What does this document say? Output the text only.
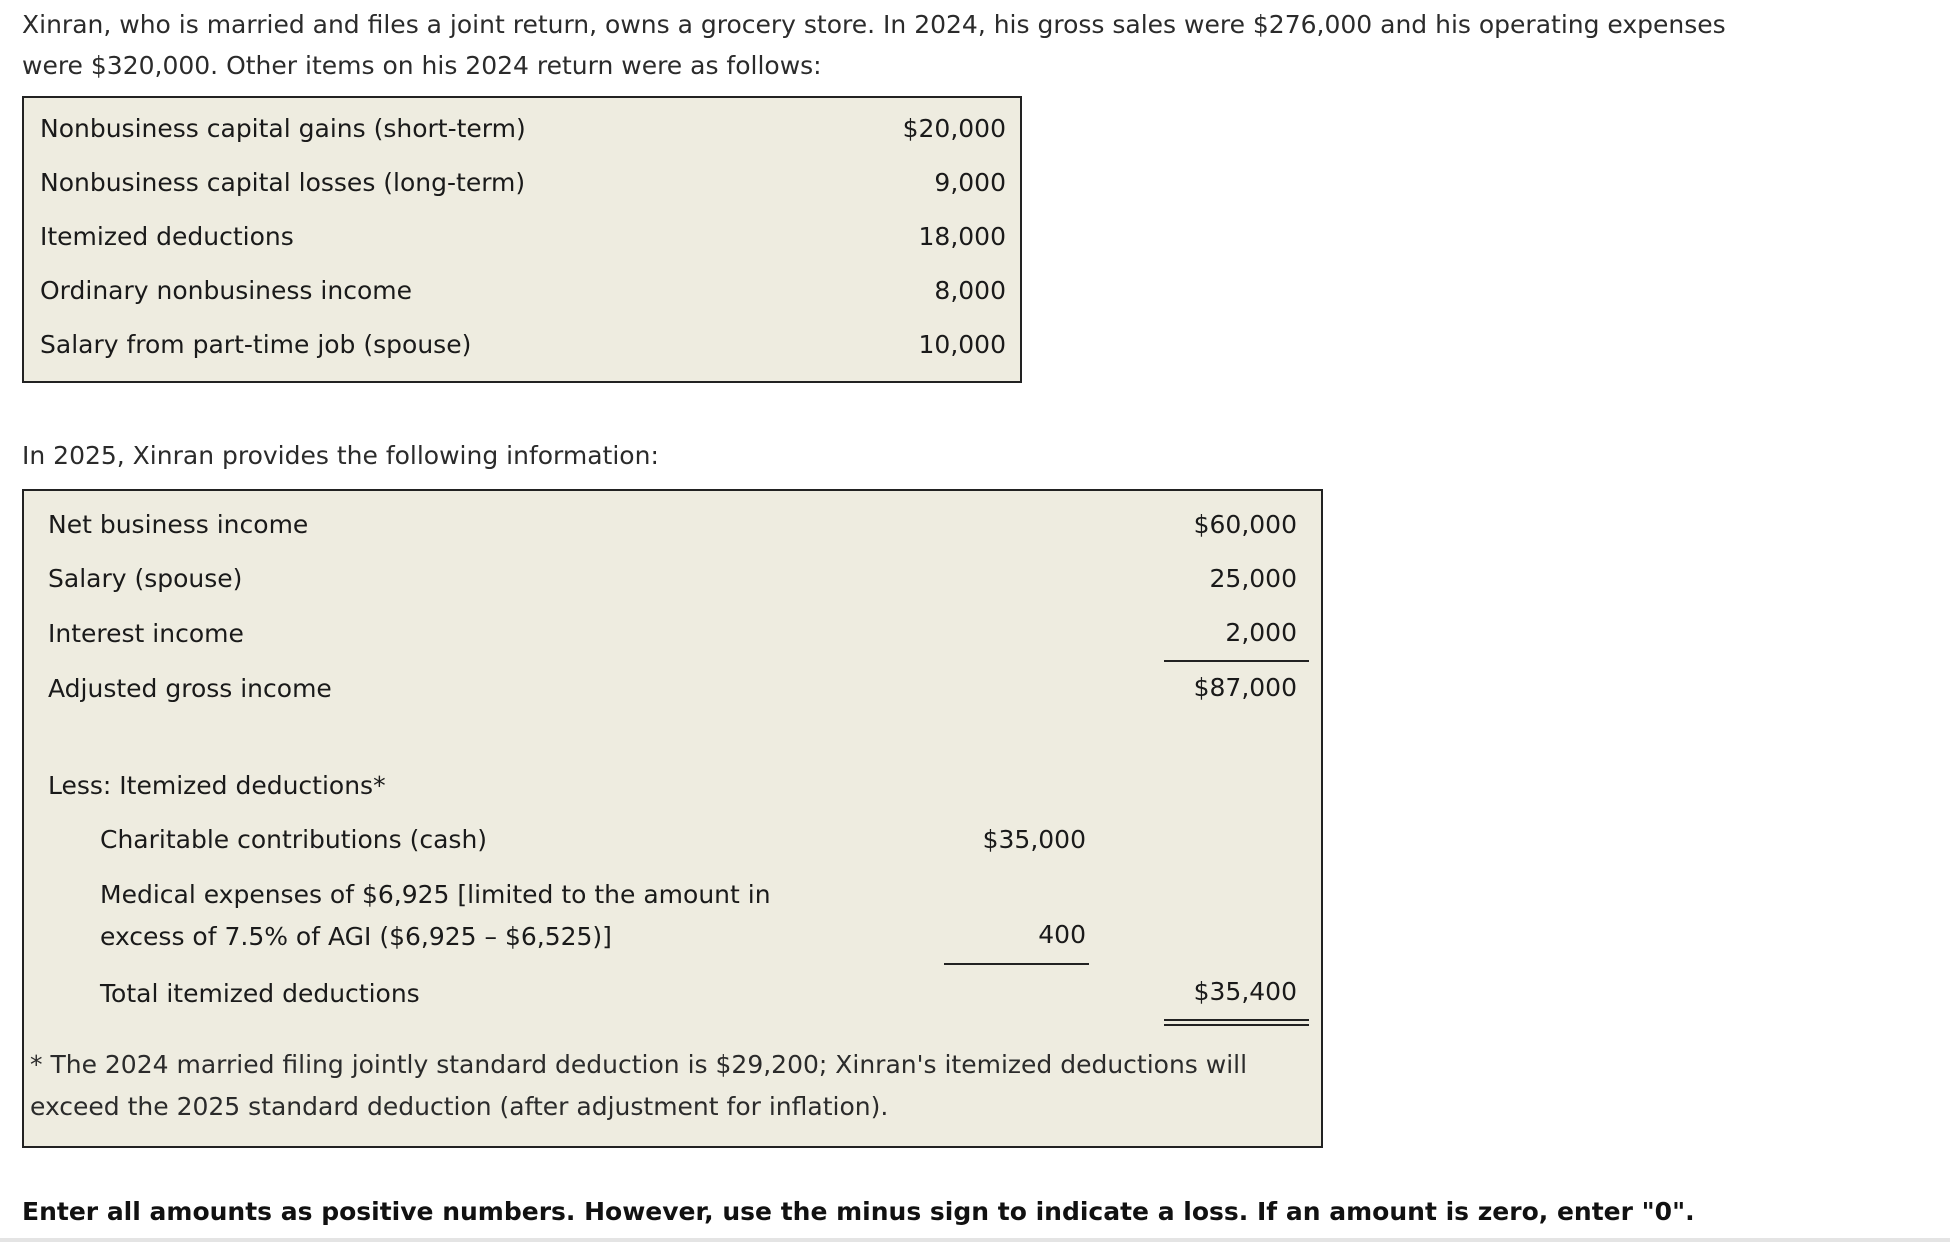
Xinran, who is married and files a joint return, owns a grocery store. In 2024, his gross sales were $276,000 and his operating expenses were $320,000. Other items on his 2024 return were as follows:
Nonbusiness capital gains (short-term)	$20,000
Nonbusiness capital losses (long-term)	9,000
Itemized deductions	18,000
Ordinary nonbusiness income	8,000
Salary from part-time job (spouse)	10,000
In 2025, Xinran provides the following information:
Net business income	$60,000
Salary (spouse)	25,000
Interest income	2,000
Adjusted gross income	$87,000
Less: Itemized deductions*
Charitable contributions (cash)	$35,000
Medical expenses of $6,925 [limited to the amount in
excess of 7.5% of AGI ($6,925 – $6,525)]	400
Total itemized deductions	$35,400
* The 2024 married filing jointly standard deduction is $29,200; Xinran's itemized deductions will exceed the 2025 standard deduction (after adjustment for inflation).
Enter all amounts as positive numbers. However, use the minus sign to indicate a loss. If an amount is zero, enter "0".
